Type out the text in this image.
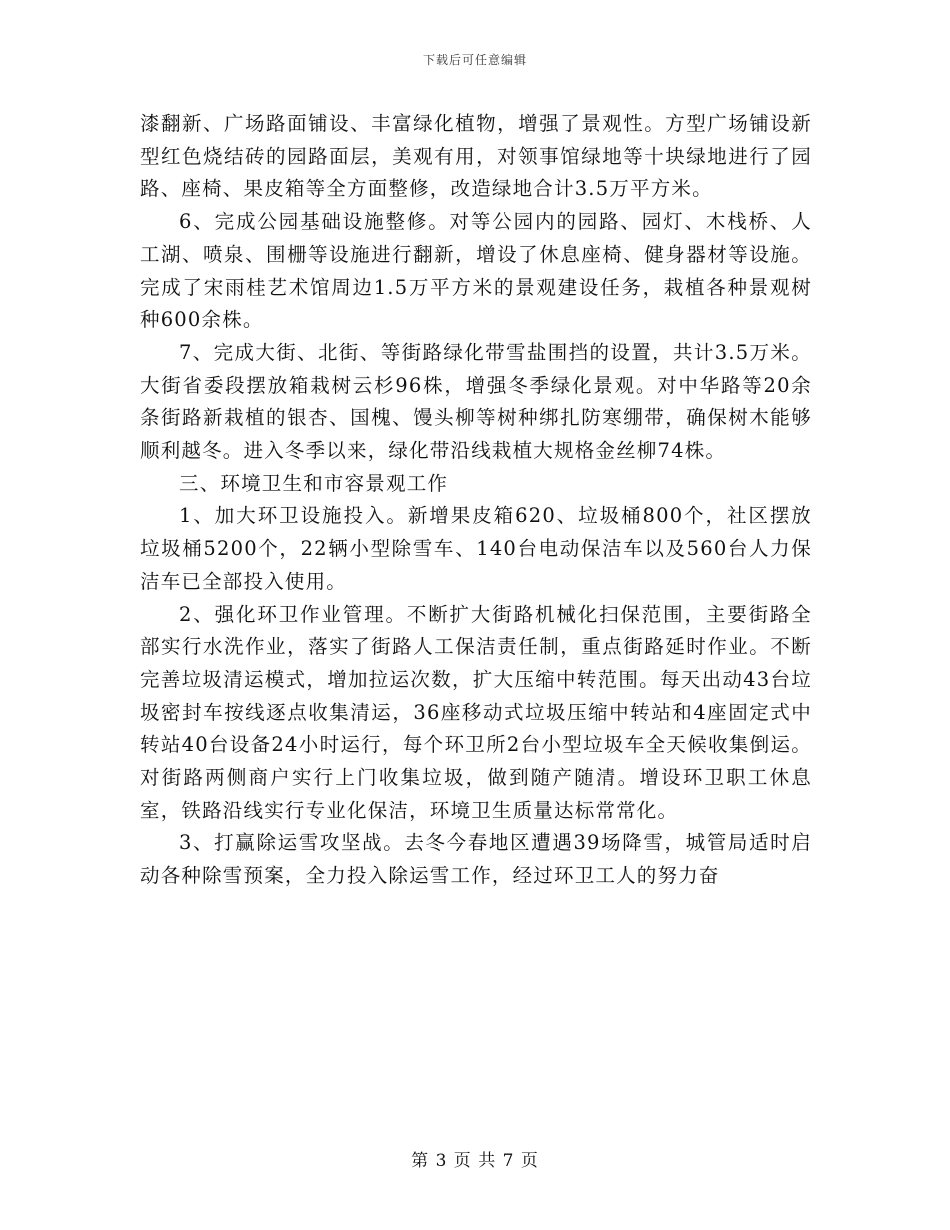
下载后可任意编辑

漆翻新、广场路面铺设、丰富绿化植物，增强了景观性。方型广场铺设新型红色烧结砖的园路面层，美观有用，对领事馆绿地等十块绿地进行了园路、座椅、果皮箱等全方面整修，改造绿地合计3.5万平方米。

6、完成公园基础设施整修。对等公园内的园路、园灯、木栈桥、人工湖、喷泉、围栅等设施进行翻新，增设了休息座椅、健身器材等设施。完成了宋雨桂艺术馆周边1.5万平方米的景观建设任务，栽植各种景观树种600余株。

7、完成大街、北街、等街路绿化带雪盐围挡的设置，共计3.5万米。大街省委段摆放箱栽树云杉96株，增强冬季绿化景观。对中华路等20余条街路新栽植的银杏、国槐、馒头柳等树种绑扎防寒绷带，确保树木能够顺利越冬。进入冬季以来，绿化带沿线栽植大规格金丝柳74株。

三、环境卫生和市容景观工作

1、加大环卫设施投入。新增果皮箱620、垃圾桶800个，社区摆放垃圾桶5200个，22辆小型除雪车、140台电动保洁车以及560台人力保洁车已全部投入使用。

2、强化环卫作业管理。不断扩大街路机械化扫保范围，主要街路全部实行水洗作业，落实了街路人工保洁责任制，重点街路延时作业。不断完善垃圾清运模式，增加拉运次数，扩大压缩中转范围。每天出动43台垃圾密封车按线逐点收集清运，36座移动式垃圾压缩中转站和4座固定式中转站40台设备24小时运行，每个环卫所2台小型垃圾车全天候收集倒运。对街路两侧商户实行上门收集垃圾，做到随产随清。增设环卫职工休息室，铁路沿线实行专业化保洁，环境卫生质量达标常常化。

3、打赢除运雪攻坚战。去冬今春地区遭遇39场降雪，城管局适时启动各种除雪预案，全力投入除运雪工作，经过环卫工人的努力奋

第 3 页 共 7 页
